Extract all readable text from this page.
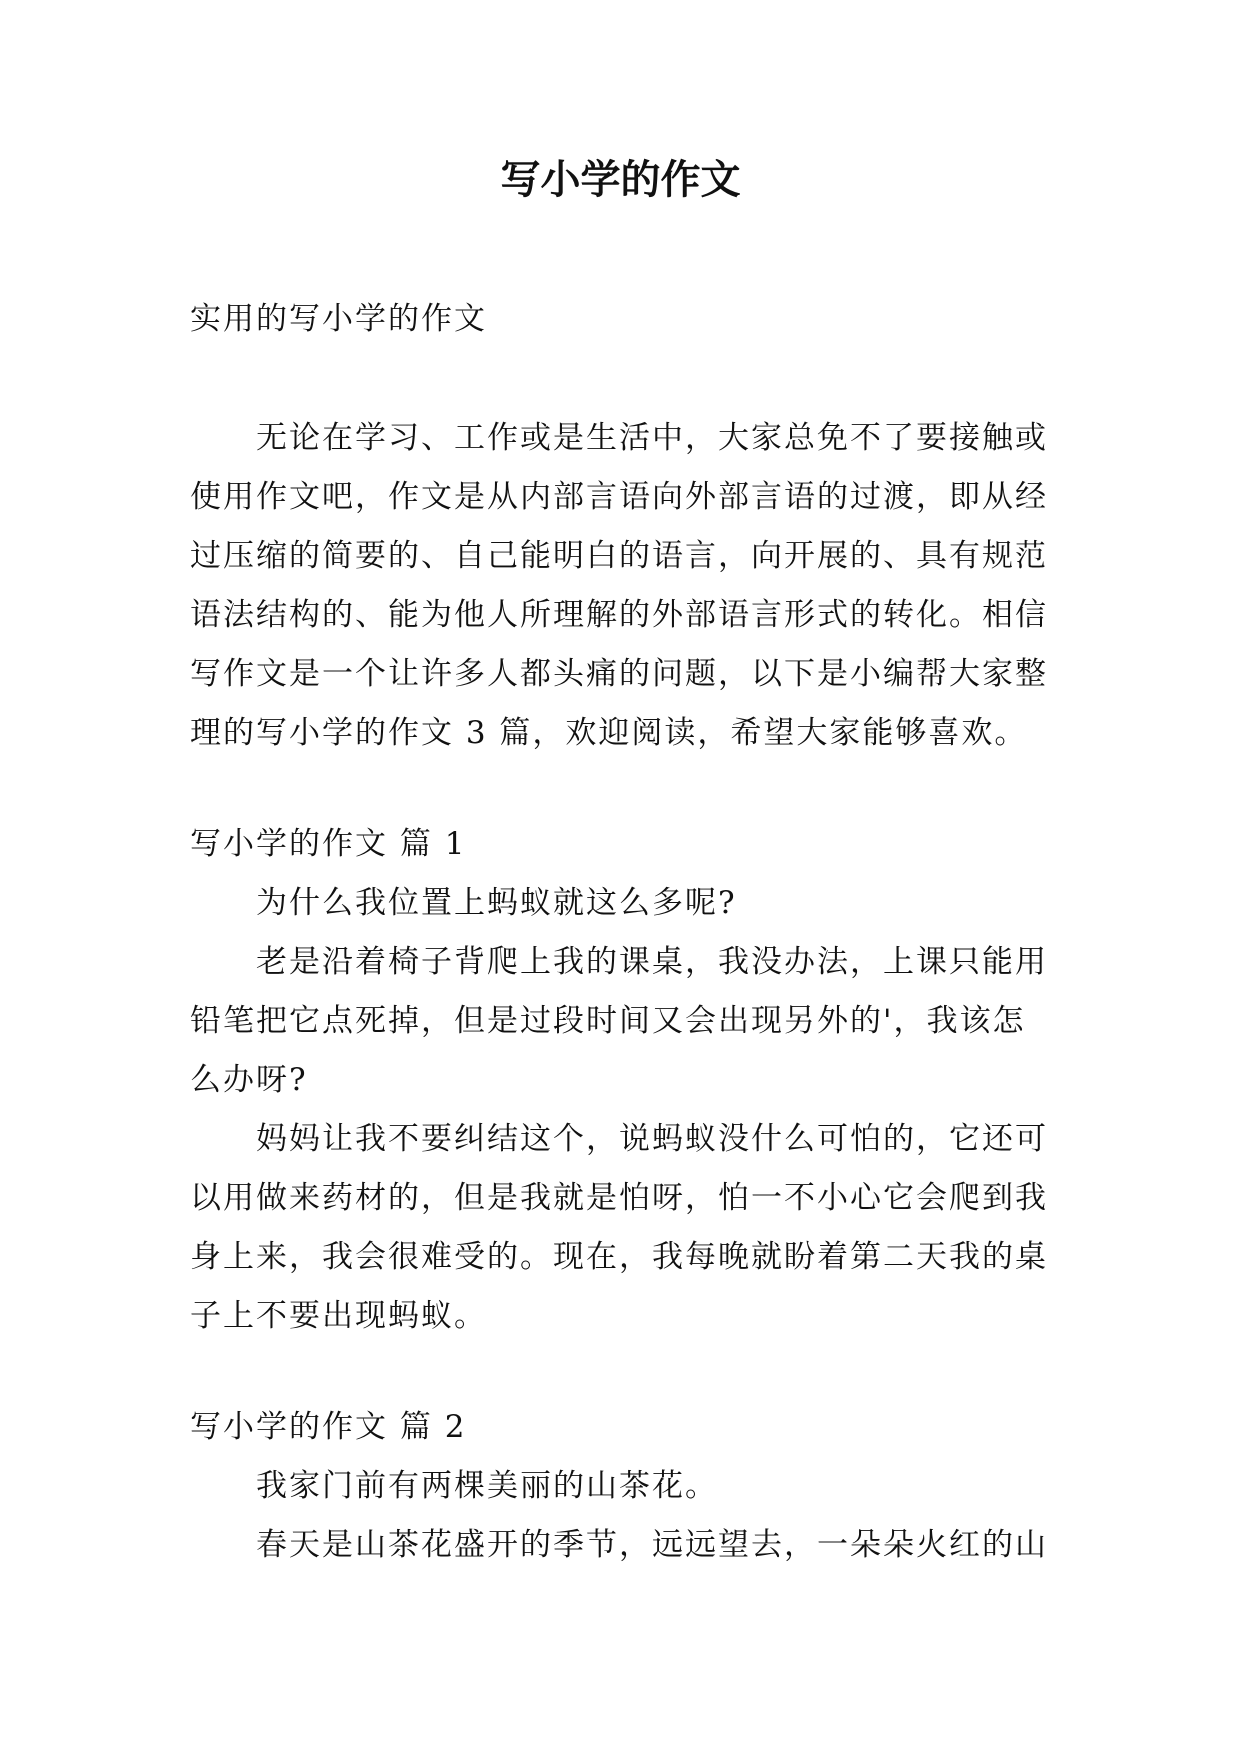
写小学的作文

实用的写小学的作文

无论在学习、工作或是生活中，大家总免不了要接触或

使用作文吧，作文是从内部言语向外部言语的过渡，即从经

过压缩的简要的、自己能明白的语言，向开展的、具有规范

语法结构的、能为他人所理解的外部语言形式的转化。相信

写作文是一个让许多人都头痛的问题，以下是小编帮大家整

理的写小学的作文 3 篇，欢迎阅读，希望大家能够喜欢。

写小学的作文 篇 1

为什么我位置上蚂蚁就这么多呢?

老是沿着椅子背爬上我的课桌，我没办法，上课只能用

铅笔把它点死掉，但是过段时间又会出现另外的'，我该怎

么办呀?

妈妈让我不要纠结这个，说蚂蚁没什么可怕的，它还可

以用做来药材的，但是我就是怕呀，怕一不小心它会爬到我

身上来，我会很难受的。现在，我每晚就盼着第二天我的桌

子上不要出现蚂蚁。

写小学的作文 篇 2

我家门前有两棵美丽的山茶花。

春天是山茶花盛开的季节，远远望去，一朵朵火红的山
